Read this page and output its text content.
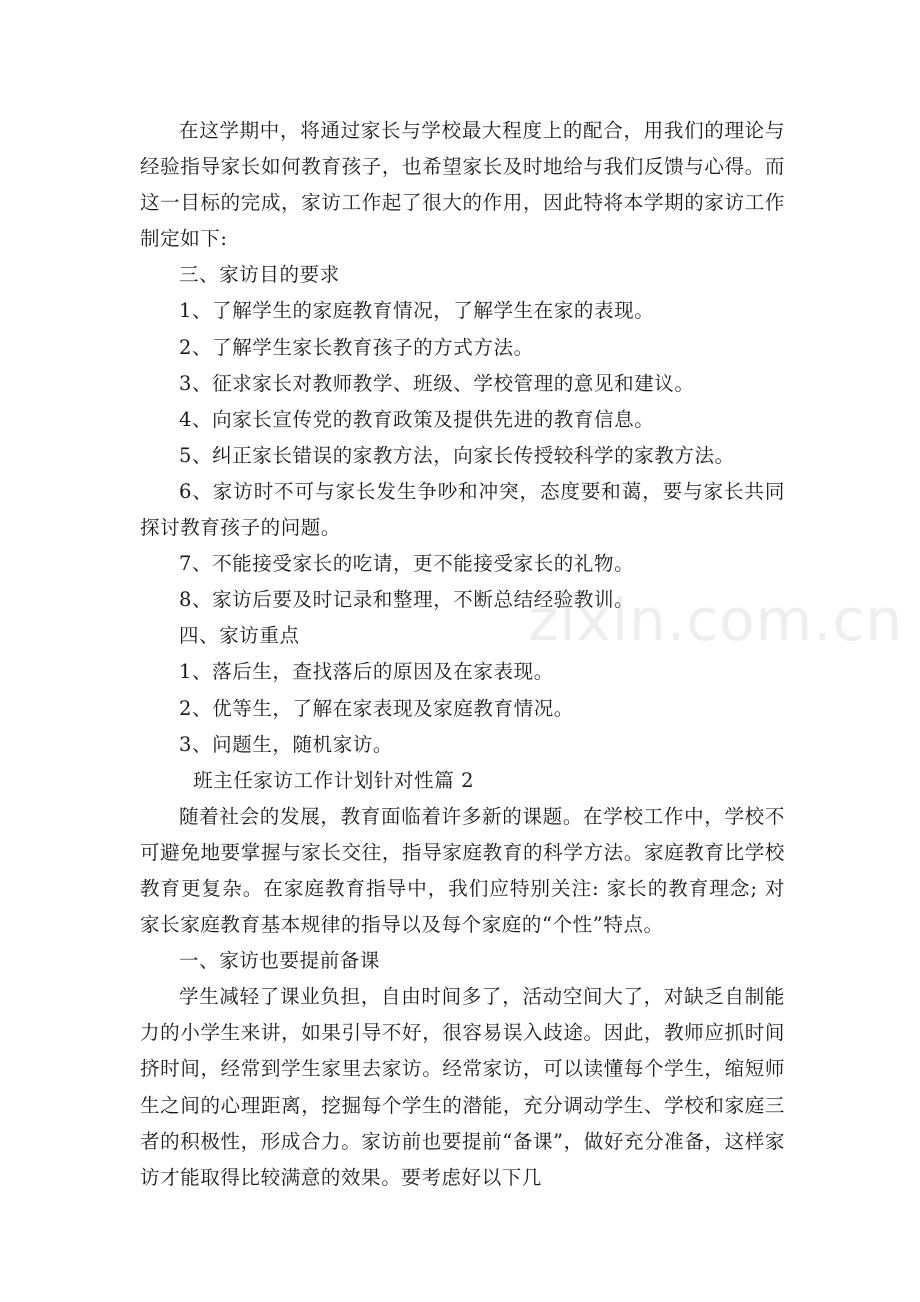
在这学期中，将通过家长与学校最大程度上的配合，用我们的理论与经验指导家长如何教育孩子，也希望家长及时地给与我们反馈与心得。而这一目标的完成，家访工作起了很大的作用，因此特将本学期的家访工作制定如下:

三、家访目的要求

1、了解学生的家庭教育情况，了解学生在家的表现。

2、了解学生家长教育孩子的方式方法。

3、征求家长对教师教学、班级、学校管理的意见和建议。

4、向家长宣传党的教育政策及提供先进的教育信息。

5、纠正家长错误的家教方法，向家长传授较科学的家教方法。

6、家访时不可与家长发生争吵和冲突，态度要和蔼，要与家长共同探讨教育孩子的问题。

7、不能接受家长的吃请，更不能接受家长的礼物。

8、家访后要及时记录和整理，不断总结经验教训。

四、家访重点

1、落后生，查找落后的原因及在家表现。

2、优等生，了解在家表现及家庭教育情况。

3、问题生，随机家访。

班主任家访工作计划针对性篇 2

随着社会的发展，教育面临着许多新的课题。在学校工作中，学校不可避免地要掌握与家长交往，指导家庭教育的科学方法。家庭教育比学校教育更复杂。在家庭教育指导中，我们应特别关注: 家长的教育理念; 对家长家庭教育基本规律的指导以及每个家庭的“个性”特点。

一、家访也要提前备课

学生减轻了课业负担，自由时间多了，活动空间大了，对缺乏自制能力的小学生来讲，如果引导不好，很容易误入歧途。因此，教师应抓时间挤时间，经常到学生家里去家访。经常家访，可以读懂每个学生，缩短师生之间的心理距离，挖掘每个学生的潜能，充分调动学生、学校和家庭三者的积极性，形成合力。家访前也要提前“备课”，做好充分准备，这样家访才能取得比较满意的效果。要考虑好以下几

zixin.com.cn
